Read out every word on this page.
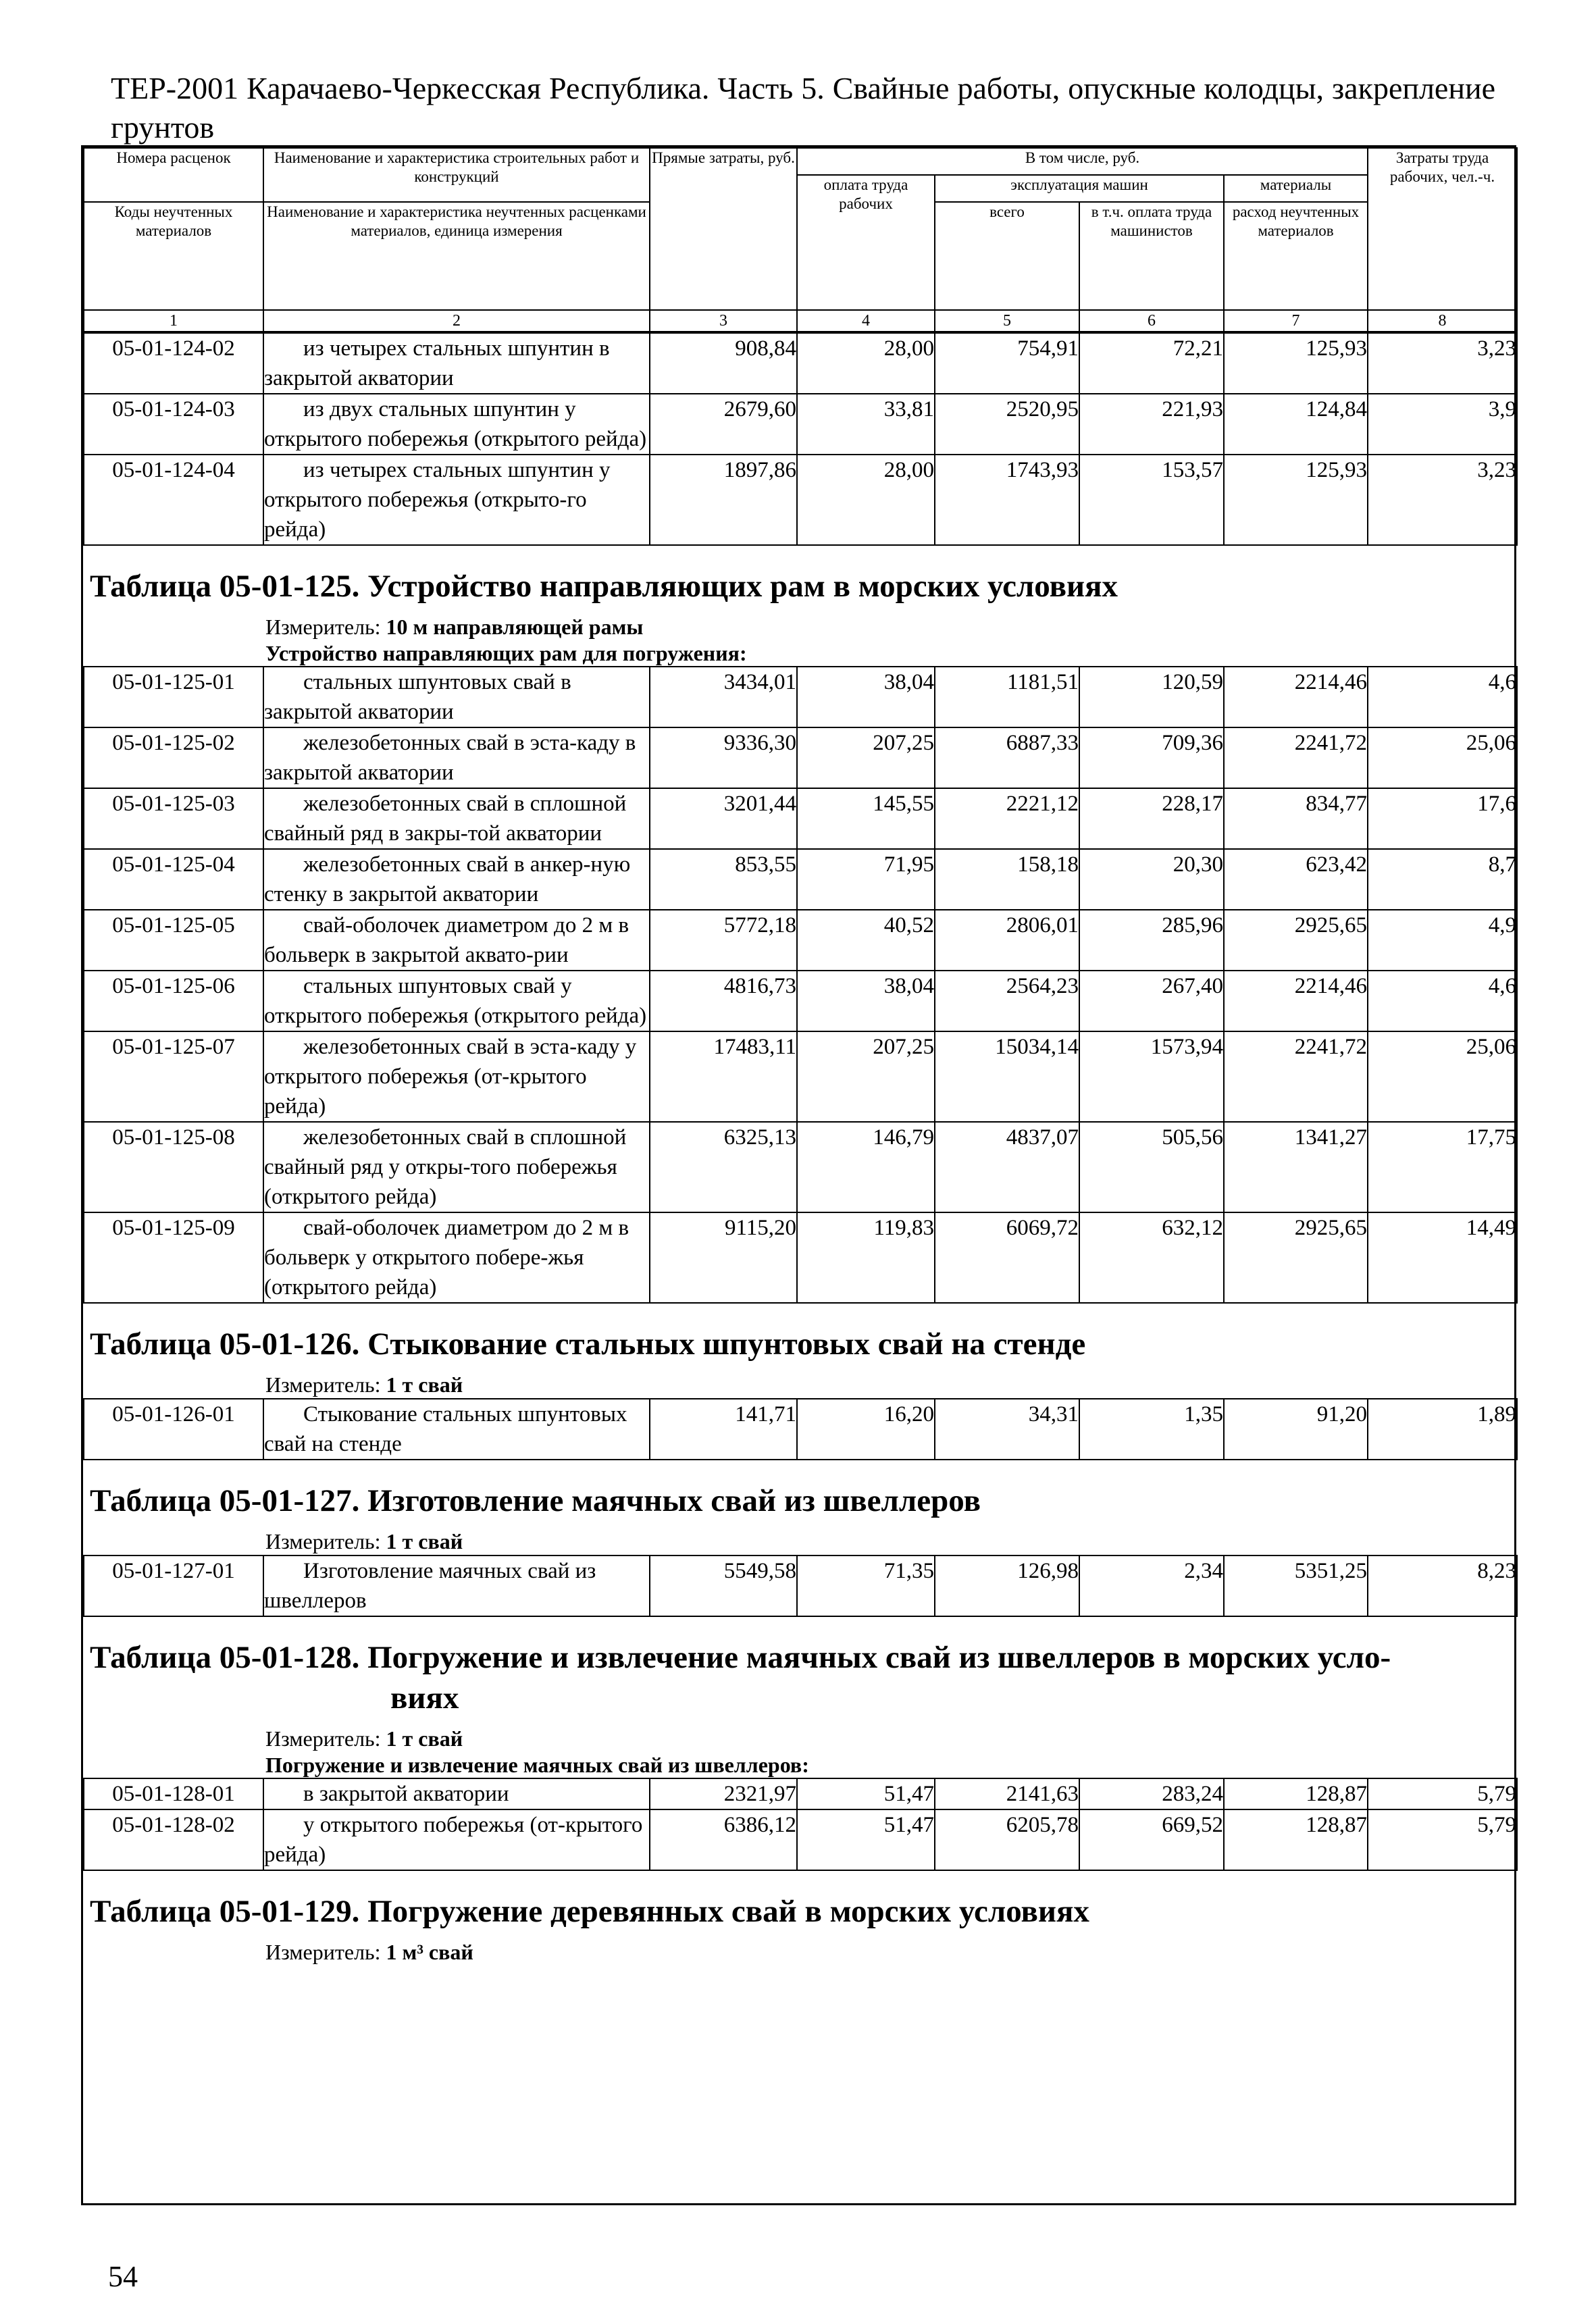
ТЕР-2001 Карачаево-Черкесская Республика. Часть 5. Свайные работы, опускные колодцы, закрепление грунтов
Номера расценок	Наименование и характеристика строительных работ и конструкций	Прямые затраты, руб.	В том числе, руб.				Затраты труда рабочих, чел.-ч.
			оплата труда рабочих	эксплуатация машин		материалы	
Коды неучтенных материалов	Наименование и характеристика неучтенных расценками материалов, единица измерения			всего	в т.ч. оплата труда машинистов	расход неучтенных материалов	

1	2	3	4	5	6	7	8
05-01-124-02	из четырех стальных шпунтин в закрытой акватории	908,84	28,00	754,91	72,21	125,93	3,23
05-01-124-03	из двух стальных шпунтин у открытого побережья (открытого рейда)	2679,60	33,81	2520,95	221,93	124,84	3,9
05-01-124-04	из четырех стальных шпунтин у открытого побережья (открыто-го рейда)	1897,86	28,00	1743,93	153,57	125,93	3,23
Таблица 05-01-125. Устройство направляющих рам в морских условиях
Измеритель: 10 м направляющей рамы
Устройство направляющих рам для погружения:
05-01-125-01	стальных шпунтовых свай в закрытой акватории	3434,01	38,04	1181,51	120,59	2214,46	4,6
05-01-125-02	железобетонных свай в эста-каду в закрытой акватории	9336,30	207,25	6887,33	709,36	2241,72	25,06
05-01-125-03	железобетонных свай в сплошной свайный ряд в закры-той акватории	3201,44	145,55	2221,12	228,17	834,77	17,6
05-01-125-04	железобетонных свай в анкер-ную стенку в закрытой акватории	853,55	71,95	158,18	20,30	623,42	8,7
05-01-125-05	свай-оболочек диаметром до 2 м в больверк в закрытой аквато-рии	5772,18	40,52	2806,01	285,96	2925,65	4,9
05-01-125-06	стальных шпунтовых свай у открытого побережья (открытого рейда)	4816,73	38,04	2564,23	267,40	2214,46	4,6
05-01-125-07	железобетонных свай в эста-каду у открытого побережья (от-крытого рейда)	17483,11	207,25	15034,14	1573,94	2241,72	25,06
05-01-125-08	железобетонных свай в сплошной свайный ряд у откры-того побережья (открытого рейда)	6325,13	146,79	4837,07	505,56	1341,27	17,75
05-01-125-09	свай-оболочек диаметром до 2 м в больверк у открытого побере-жья (открытого рейда)	9115,20	119,83	6069,72	632,12	2925,65	14,49
Таблица 05-01-126. Стыкование стальных шпунтовых свай на стенде
Измеритель: 1 т свай
05-01-126-01	Стыкование стальных шпунтовых свай на стенде	141,71	16,20	34,31	1,35	91,20	1,89
Таблица 05-01-127. Изготовление маячных свай из швеллеров
Измеритель: 1 т свай
05-01-127-01	Изготовление маячных свай из швеллеров	5549,58	71,35	126,98	2,34	5351,25	8,23
Таблица 05-01-128. Погружение и извлечение маячных свай из швеллеров в морских усло-
виях
Измеритель: 1 т свай
Погружение и извлечение маячных свай из швеллеров:
05-01-128-01	в закрытой акватории	2321,97	51,47	2141,63	283,24	128,87	5,79
05-01-128-02	у открытого побережья (от-крытого рейда)	6386,12	51,47	6205,78	669,52	128,87	5,79
Таблица 05-01-129. Погружение деревянных свай в морских условиях
Измеритель: 1 м³ свай
54
